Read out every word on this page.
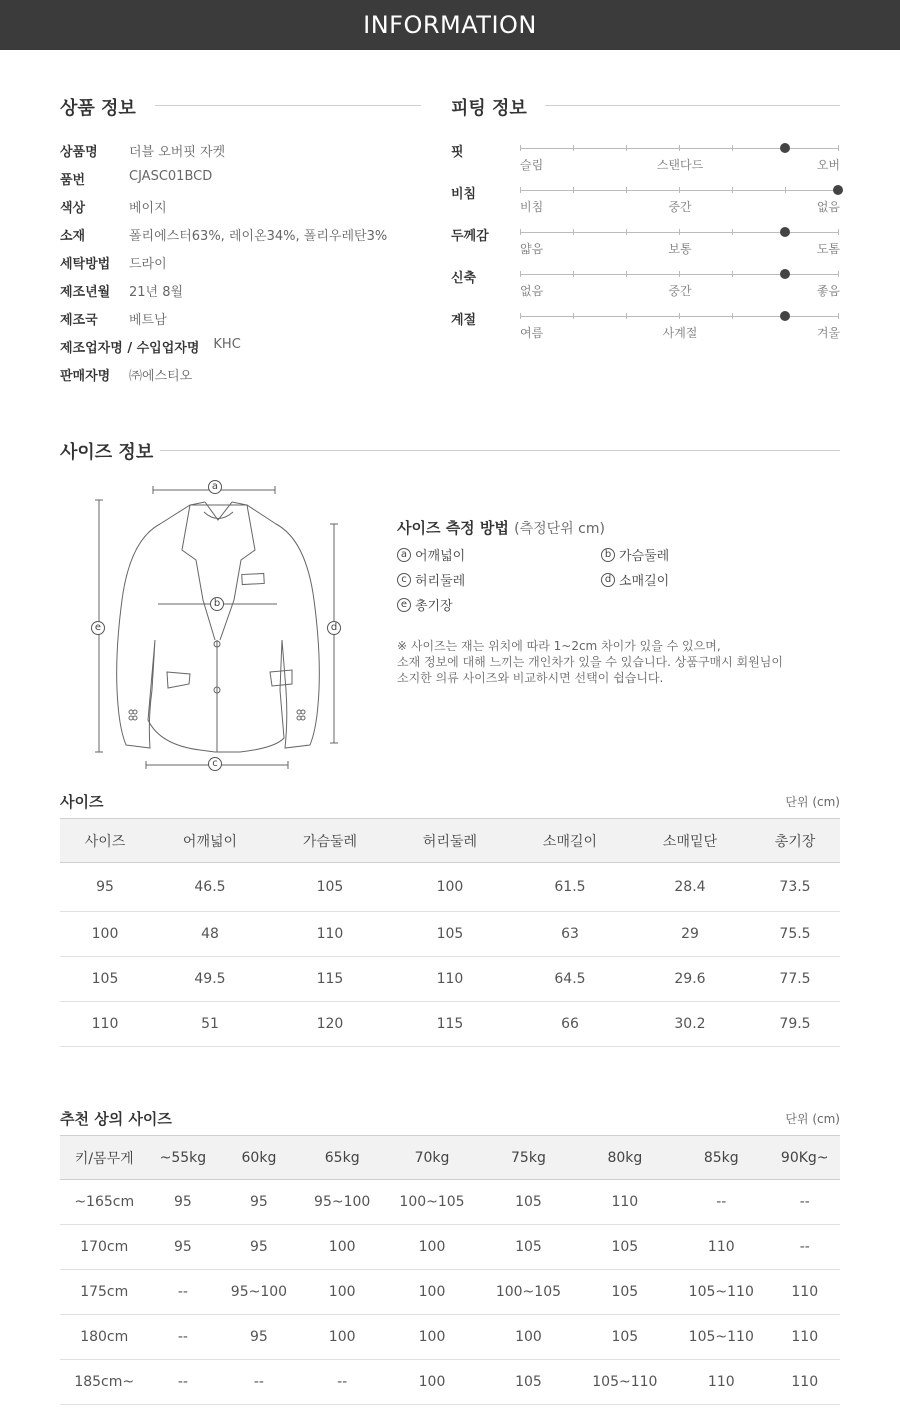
INFORMATION
상품 정보
상품명	더블 오버핏 자켓
품번	CJASC01BCD
색상	베이지
소재	폴리에스터63%, 레이온34%, 폴리우레탄3%
세탁방법	드라이
제조년월	21년 8월
제조국	베트남
제조업자명 / 수입업자명 KHC
판매자명	㈜에스티오
피팅 정보
핏
슬림	스탠다드	오버
비침
비침	중간	없음
두께감
얇음	보통	도톰
신축
없음	중간	좋음
계절
여름	사계절	겨울
사이즈 정보
a
b
c
d
e
사이즈 측정 방법 (측정단위 cm)
a 어깨넓이	b 가슴둘레
c 허리둘레	d 소매길이
e 총기장
※ 사이즈는 재는 위치에 따라 1~2cm 차이가 있을 수 있으며,
소재 정보에 대해 느끼는 개인차가 있을 수 있습니다. 상품구매시 회원님이
소지한 의류 사이즈와 비교하시면 선택이 쉽습니다.
사이즈	단위 (cm)
사이즈	어깨넓이	가슴둘레	허리둘레	소매길이	소매밑단	총기장
95	46.5	105	100	61.5	28.4	73.5
100	48	110	105	63	29	75.5
105	49.5	115	110	64.5	29.6	77.5
110	51	120	115	66	30.2	79.5
추천 상의 사이즈	단위 (cm)
키/몸무게	~55kg	60kg	65kg	70kg	75kg	80kg	85kg	90Kg~
~165cm	95	95	95~100	100~105	105	110	--	--
170cm	95	95	100	100	105	105	110	--
175cm	--	95~100	100	100	100~105	105	105~110	110
180cm	--	95	100	100	100	105	105~110	110
185cm~	--	--	--	100	105	105~110	110	110
